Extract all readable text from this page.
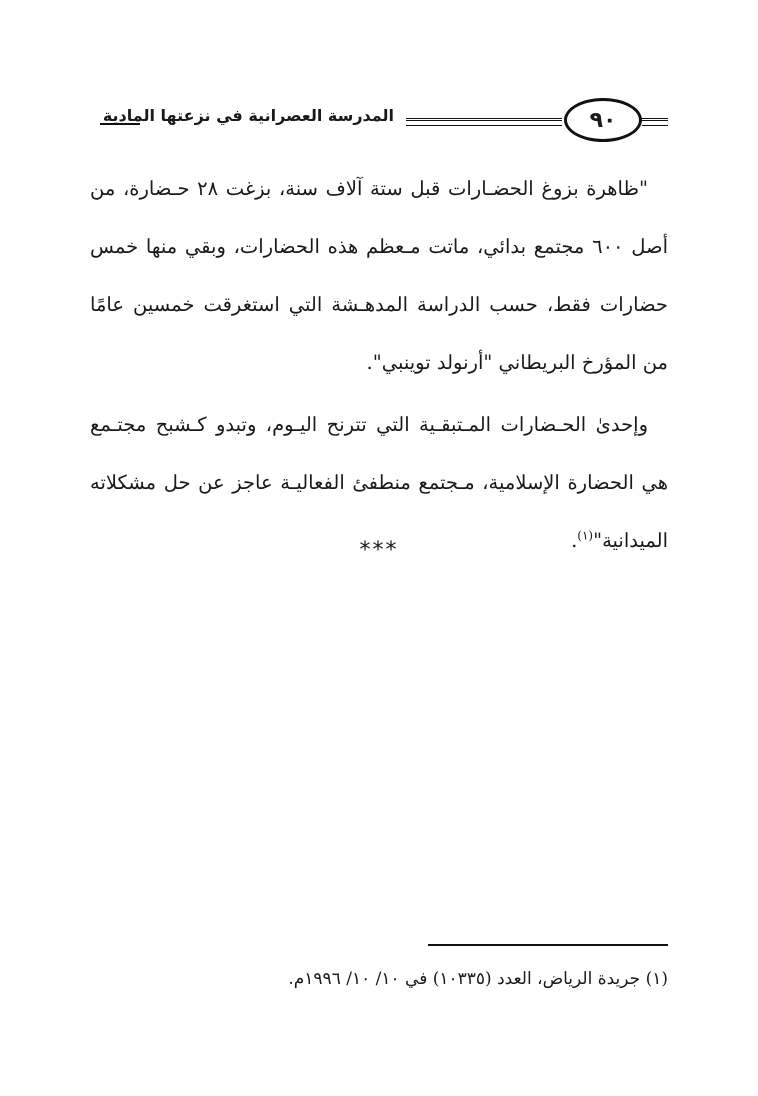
المدرسة العصرانية في نزعتها المادية	٩٠

"ظاهرة بزوغ الحضـارات قبل ستة آلاف سنة، بزغت ٢٨ حـضارة، من أصل ٦٠٠ مجتمع بدائي، ماتت مـعظم هذه الحضارات، وبقي منها خمس حضارات فقط، حسب الدراسة المدهـشة التي استغرقت خمسين عامًا من المؤرخ البريطاني "أرنولد توينبي".

وإحدىٰ الحـضارات المـتبقـية التي تترنح اليـوم، وتبدو كـشبح مجتـمع هي الحضارة الإسلامية، مـجتمع منطفئ الفعاليـة عاجز عن حل مشكلاته الميدانية"$^{(١)}$.

***
(١) جريدة الرياض، العدد (١٠٣٣٥) في ١٠/ ١٠/ ١٩٩٦م.
